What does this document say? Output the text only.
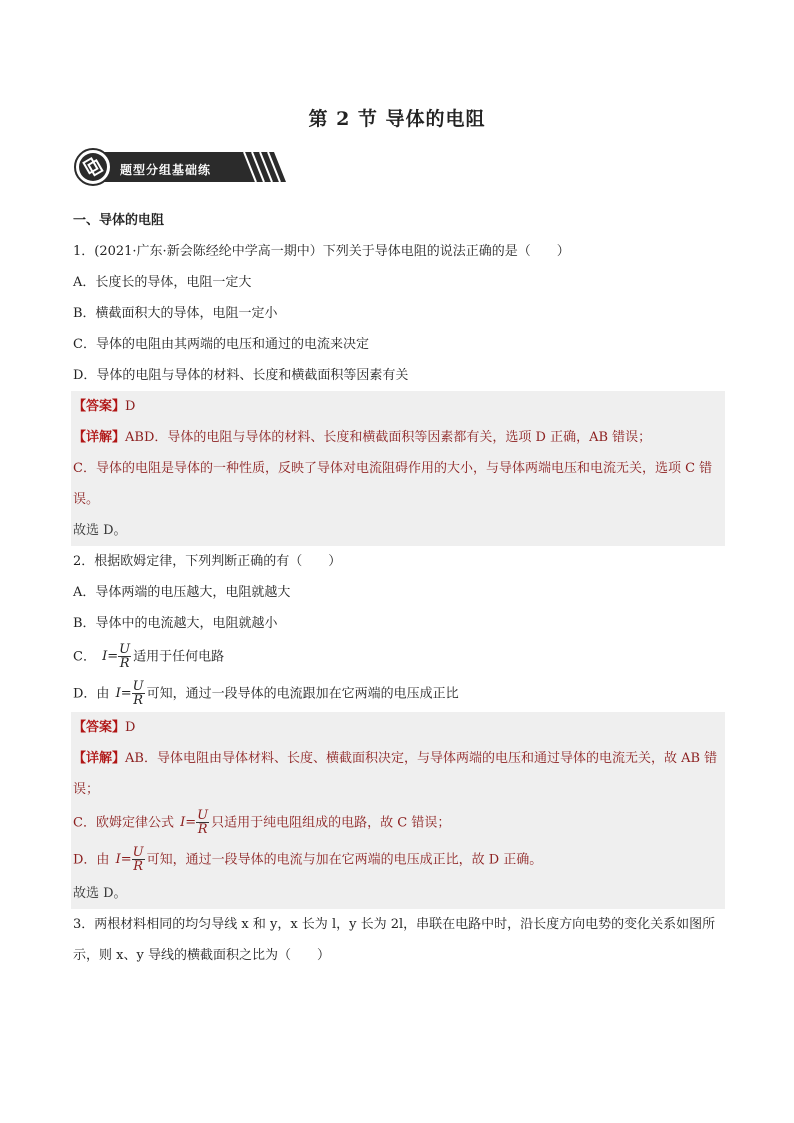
第 2 节 导体的电阻
题型分组基础练
一、导体的电阻
1．(2021·广东·新会陈经纶中学高一期中）下列关于导体电阻的说法正确的是（　　）
A．长度长的导体，电阻一定大
B．横截面积大的导体，电阻一定小
C．导体的电阻由其两端的电压和通过的电流来决定
D．导体的电阻与导体的材料、长度和横截面积等因素有关
【答案】D
【详解】ABD．导体的电阻与导体的材料、长度和横截面积等因素都有关，选项 D 正确，AB 错误；
C．导体的电阻是导体的一种性质，反映了导体对电流阻碍作用的大小，与导体两端电压和电流无关，选项 C 错误。
故选 D。
2．根据欧姆定律，下列判断正确的有（　　）
A．导体两端的电压越大，电阻就越大
B．导体中的电流越大，电阻就越小
C． $I= \frac{U}{R}$ 适用于任何电路
D．由 $I= \frac{U}{R}$ 可知，通过一段导体的电流跟加在它两端的电压成正比
【答案】D
【详解】AB．导体电阻由导体材料、长度、横截面积决定，与导体两端的电压和通过导体的电流无关，故 AB 错误；
C．欧姆定律公式 $I= \frac{U}{R}$ 只适用于纯电阻组成的电路，故 C 错误；
D．由 $I= \frac{U}{R}$ 可知，通过一段导体的电流与加在它两端的电压成正比，故 D 正确。
故选 D。
3．两根材料相同的均匀导线 x 和 y，x 长为 l，y 长为 2l，串联在电路中时，沿长度方向电势的变化关系如图所示，则 x、y 导线的横截面积之比为（　　）
